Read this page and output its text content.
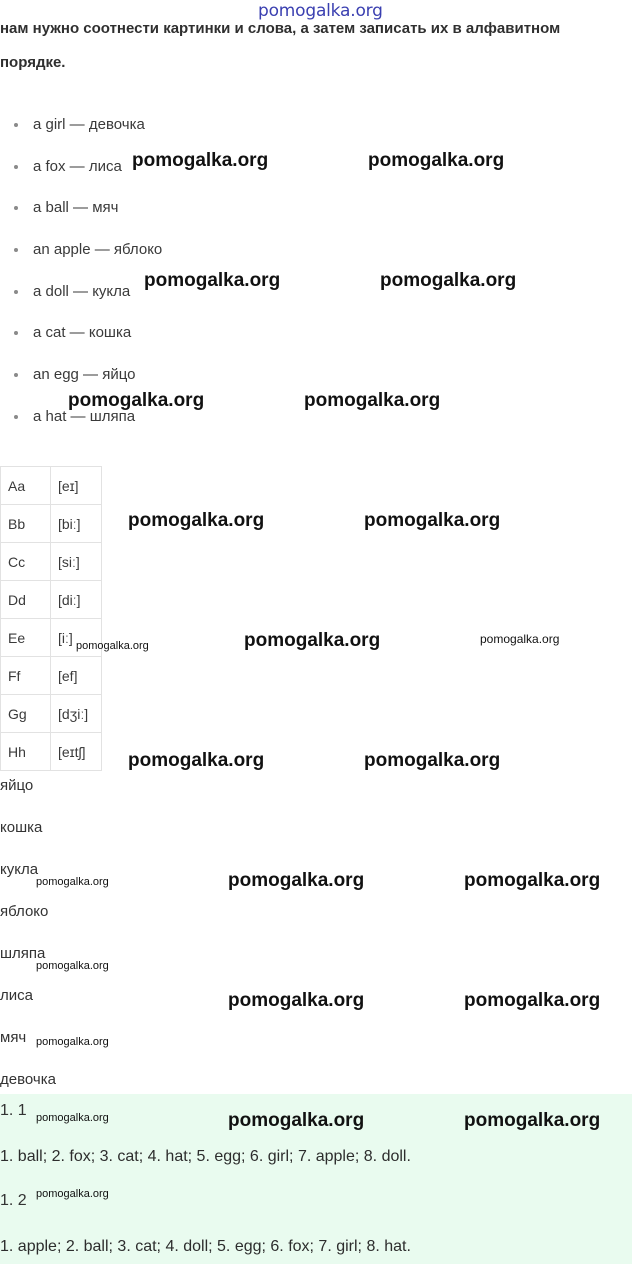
pomogalka.org

нам нужно соотнести картинки и слова, а затем записать их в алфавитном порядке.

a girl — девочка
a fox — лиса
a ball — мяч
an apple — яблоко
a doll — кукла
a cat — кошка
an egg — яйцо
a hat — шляпа
Aa	[eɪ]
Bb	[biː]
Cc	[siː]
Dd	[diː]
Ee	[iː]
Ff	[ef]
Gg	[dʒiː]
Hh	[eɪtʃ]
яйцо
кошка
кукла
яблоко
шляпа
лиса
мяч
девочка
1. 1
1. ball; 2. fox; 3. cat; 4. hat; 5. egg; 6. girl; 7. apple; 8. doll.
1. 2
1. apple; 2. ball; 3. cat; 4. doll; 5. egg; 6. fox; 7. girl; 8. hat.
pomogalka.org	pomogalka.org
pomogalka.org	pomogalka.org
pomogalka.org	pomogalka.org
pomogalka.org	pomogalka.org
pomogalka.org	pomogalka.org	pomogalka.org
pomogalka.org	pomogalka.org
pomogalka.org	pomogalka.org	pomogalka.org
pomogalka.org
pomogalka.org	pomogalka.org
pomogalka.org
pomogalka.org	pomogalka.org	pomogalka.org
pomogalka.org
